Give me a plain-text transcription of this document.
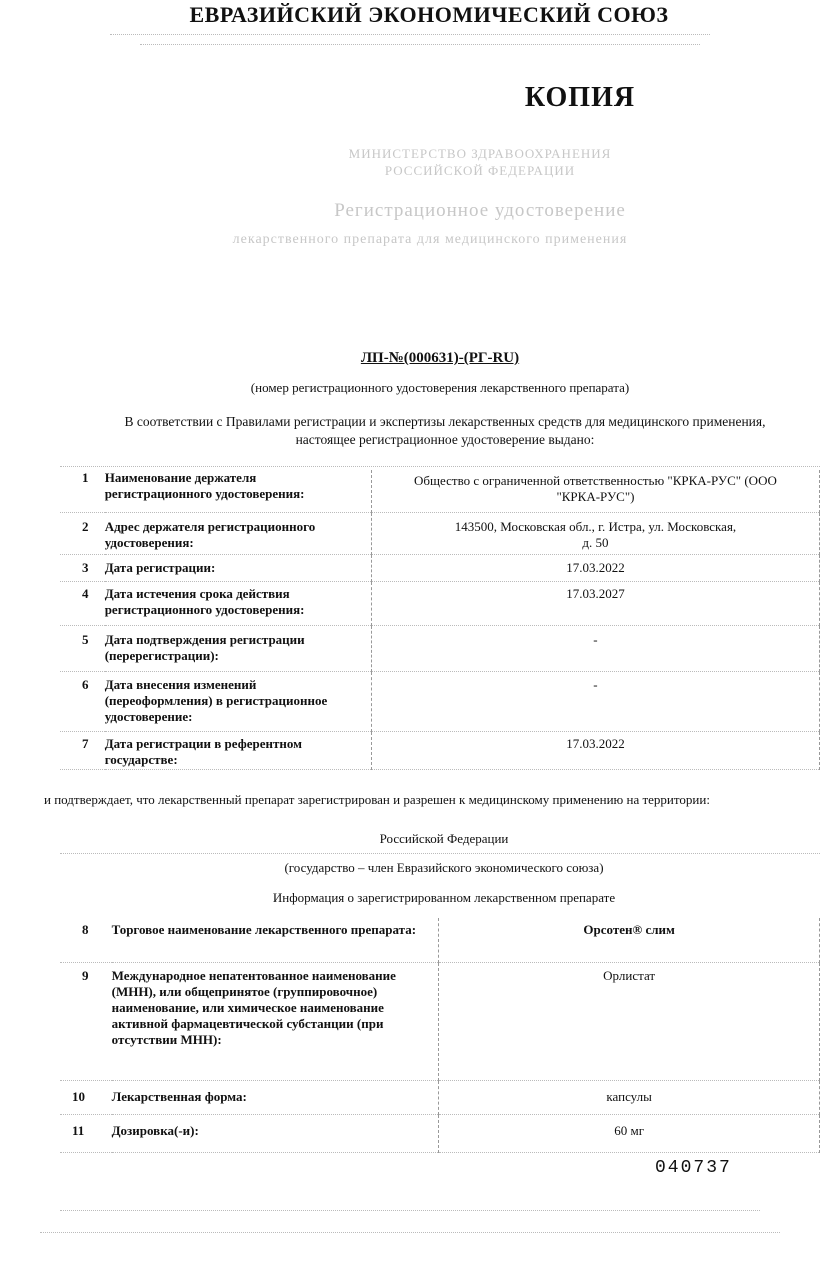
ЕВРАЗИЙСКИЙ ЭКОНОМИЧЕСКИЙ СОЮЗ
КОПИЯ
МИНИСТЕРСТВО ЗДРАВООХРАНЕНИЯ
РОССИЙСКОЙ ФЕДЕРАЦИИ
Регистрационное удостоверение
лекарственного препарата для медицинского применения
ЛП-№(000631)-(РГ-RU)
(номер регистрационного удостоверения лекарственного препарата)
В соответствии с Правилами регистрации и экспертизы лекарственных средств для медицинского применения, настоящее регистрационное удостоверение выдано:
1	Наименование держателя регистрационного удостоверения:	Общество с ограниченной ответственностью "КРКА-РУС" (ООО "КРКА-РУС")
2	Адрес держателя регистрационного удостоверения:	143500, Московская обл., г. Истра, ул. Московская, д. 50
3	Дата регистрации:	17.03.2022
4	Дата истечения срока действия регистрационного удостоверения:	17.03.2027
5	Дата подтверждения регистрации (перерегистрации):	-
6	Дата внесения изменений (переоформления) в регистрационное удостоверение:	-
7	Дата регистрации в референтном государстве:	17.03.2022
и подтверждает, что лекарственный препарат зарегистрирован и разрешен к медицинскому применению на территории:
Российской Федерации
(государство – член Евразийского экономического союза)
Информация о зарегистрированном лекарственном препарате
8	Торговое наименование лекарственного препарата:	Орсотен® слим
9	Международное непатентованное наименование (МНН), или общепринятое (группировочное) наименование, или химическое наименование активной фармацевтической субстанции (при отсутствии МНН):	Орлистат
10	Лекарственная форма:	капсулы
11	Дозировка(-и):	60 мг
040737
